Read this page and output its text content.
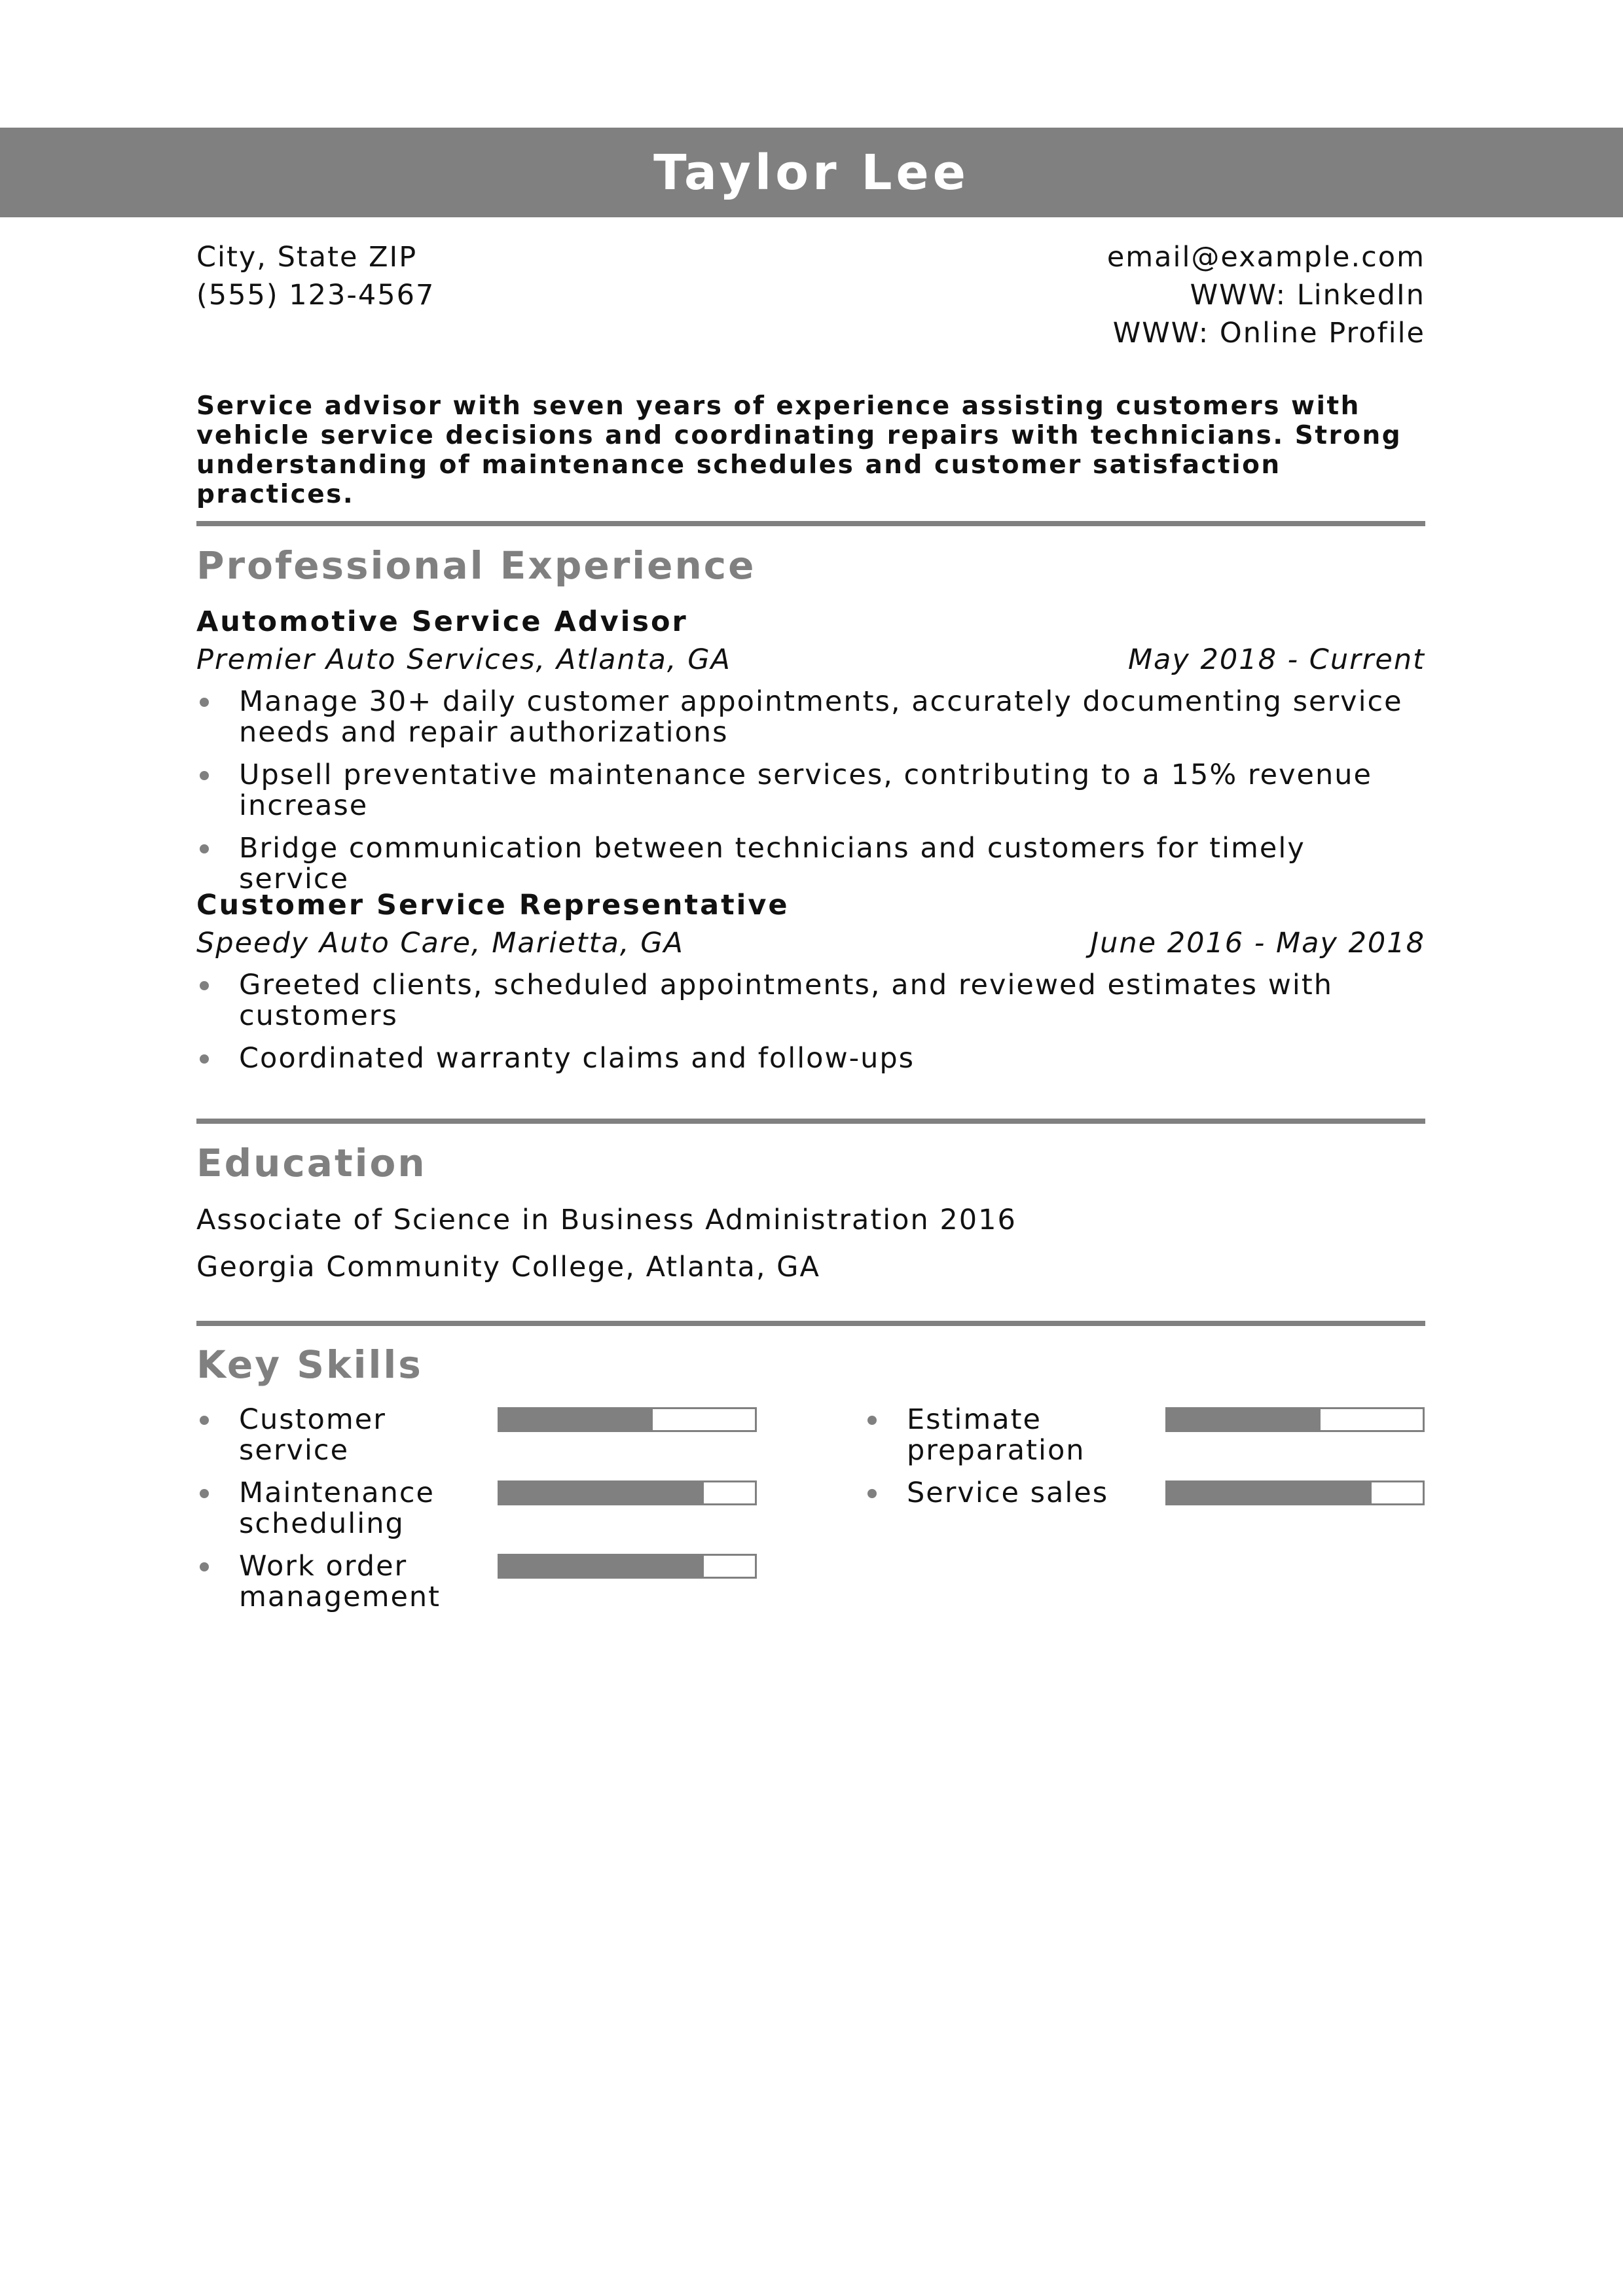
Taylor Lee
City, State ZIP
(555) 123-4567
email@example.com
WWW: LinkedIn
WWW: Online Profile
Service advisor with seven years of experience assisting customers with vehicle service decisions and coordinating repairs with technicians. Strong understanding of maintenance schedules and customer satisfaction practices.
Professional Experience
Automotive Service Advisor
Premier Auto Services, Atlanta, GA	May 2018 - Current
Manage 30+ daily customer appointments, accurately documenting service needs and repair authorizations
Upsell preventative maintenance services, contributing to a 15% revenue increase
Bridge communication between technicians and customers for timely service
Customer Service Representative
Speedy Auto Care, Marietta, GA	June 2016 - May 2018
Greeted clients, scheduled appointments, and reviewed estimates with customers
Coordinated warranty claims and follow-ups
Education
Associate of Science in Business Administration 2016
Georgia Community College, Atlanta, GA
Key Skills
Customer service
Estimate preparation
Maintenance scheduling
Service sales
Work order management
